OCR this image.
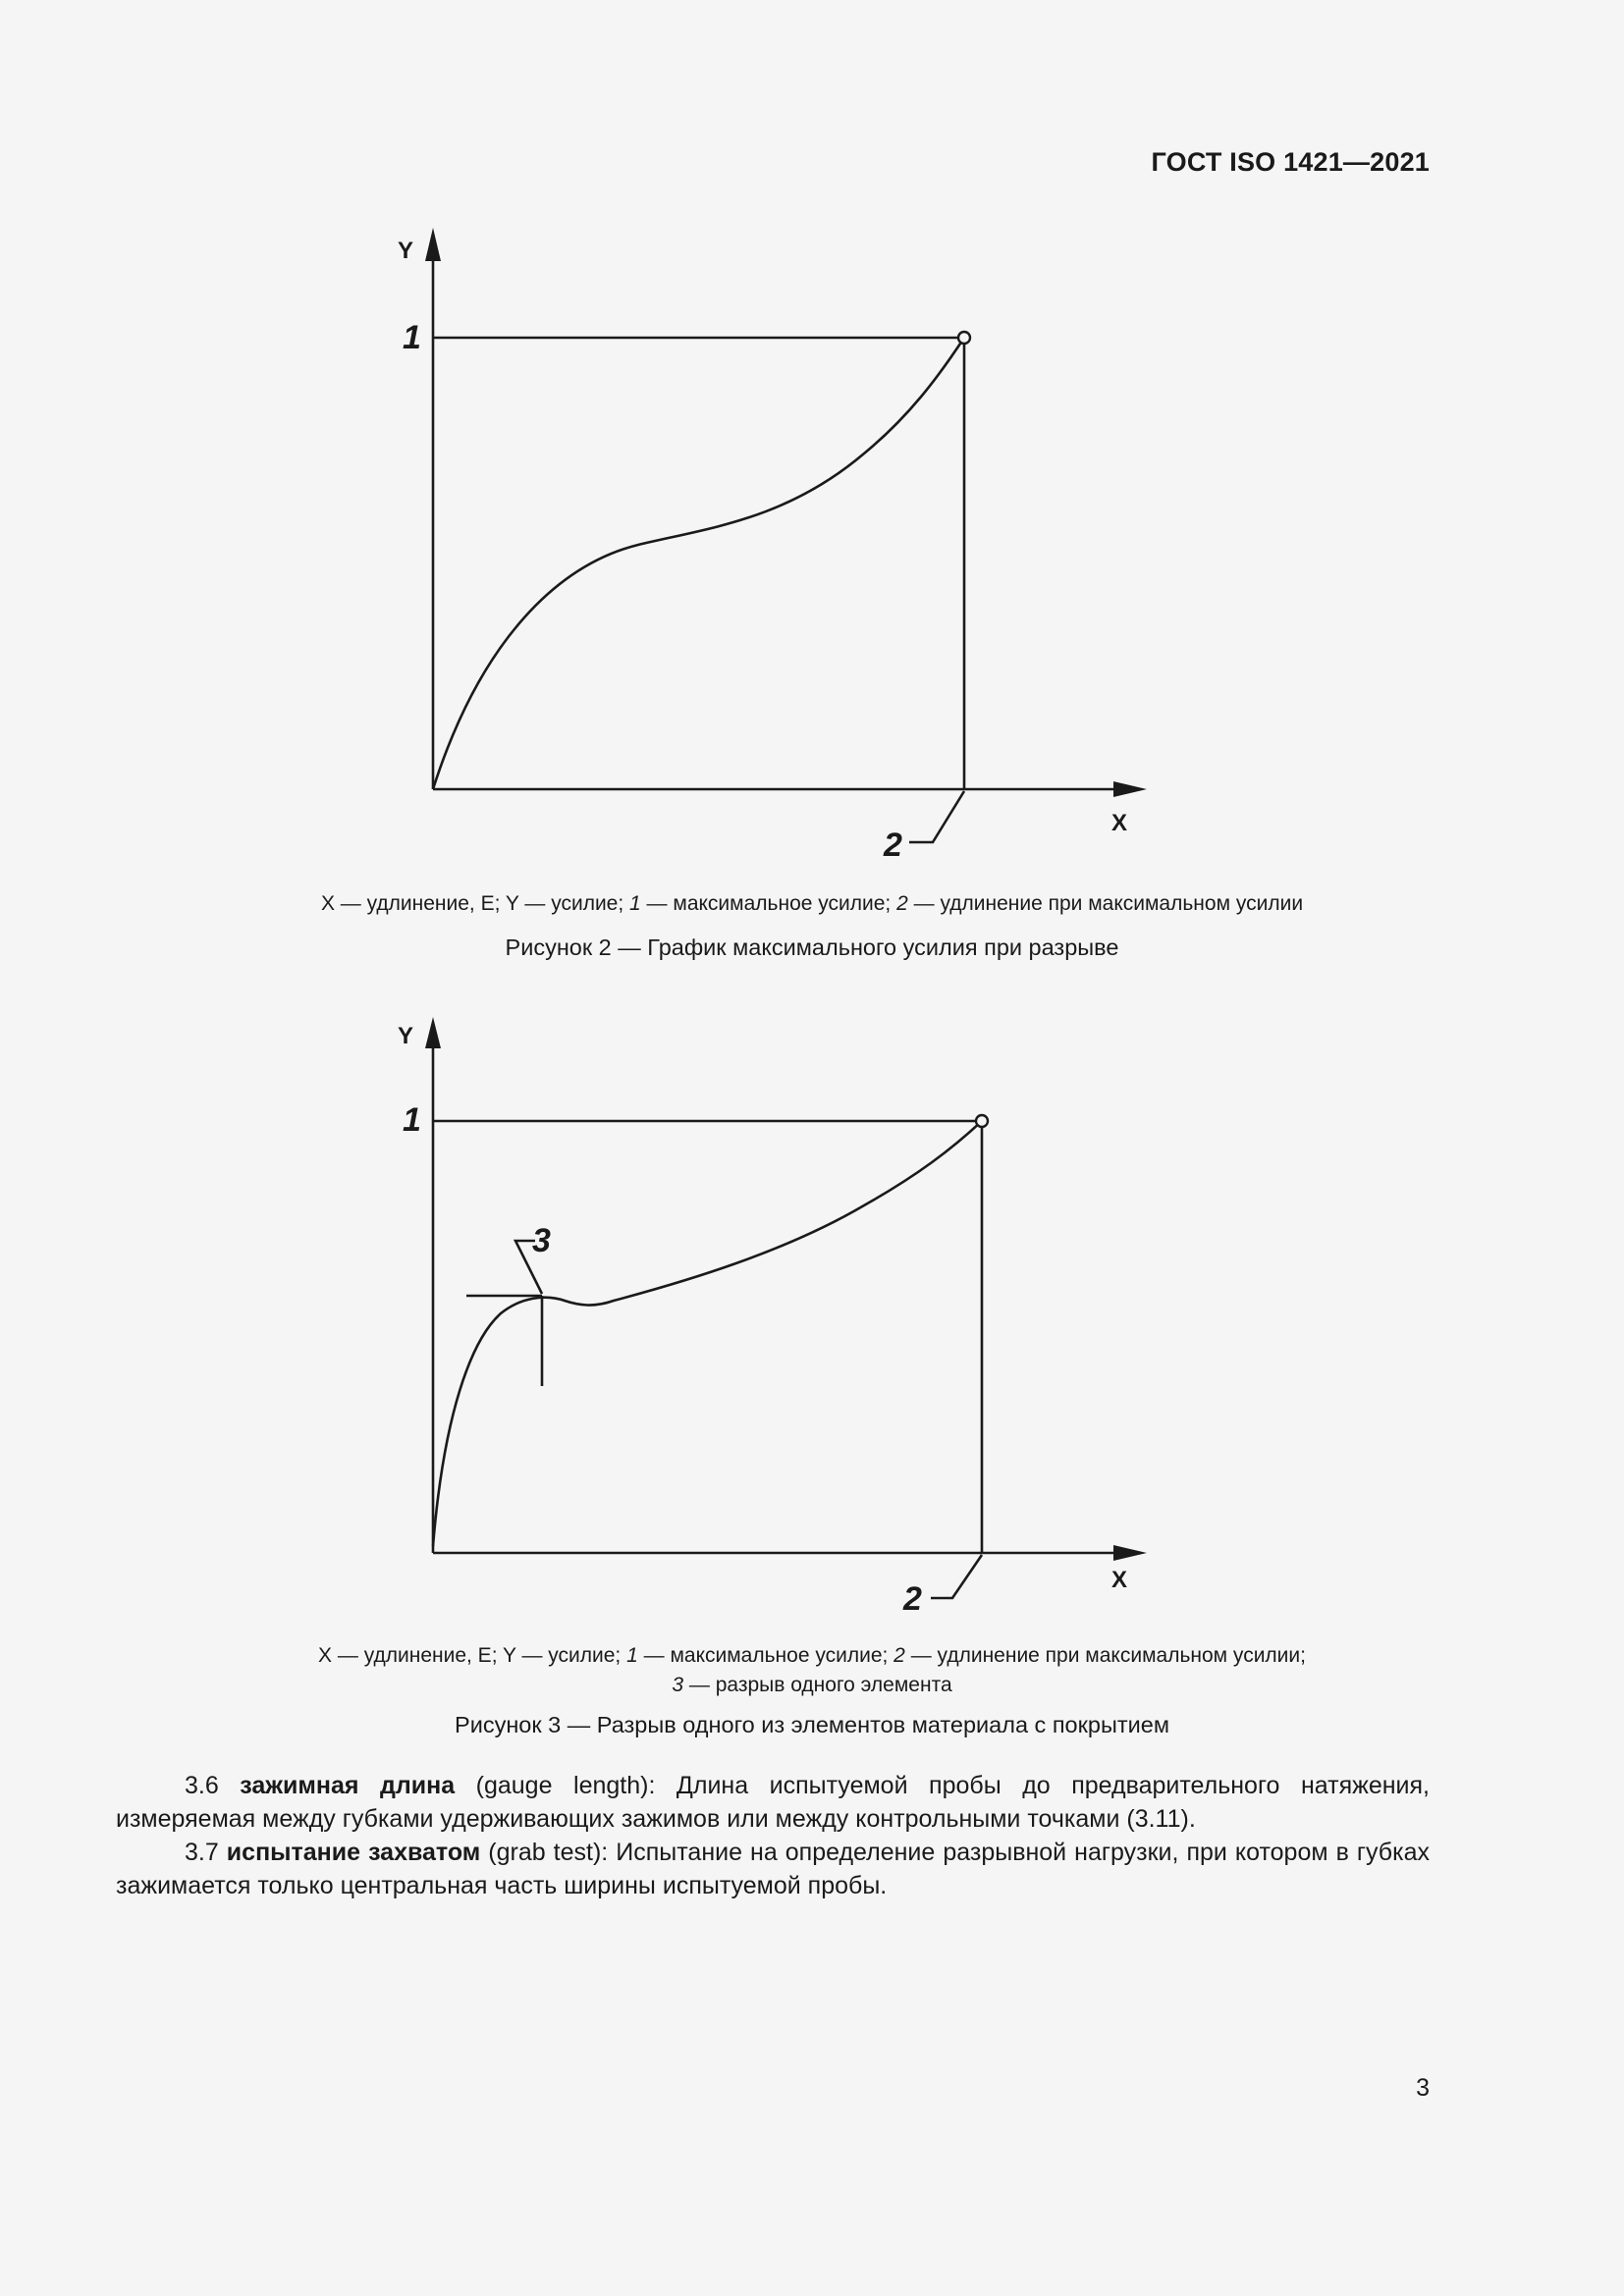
ГОСТ ISO 1421—2021
Y
X
1
2
X — удлинение, E; Y — усилие; 1 — максимальное усилие; 2 — удлинение при максимальном усилии
Рисунок 2 — График максимального усилия при разрыве
Y
X
1
2
3
X — удлинение, E; Y — усилие; 1 — максимальное усилие; 2 — удлинение при максимальном усилии;
3 — разрыв одного элемента
Рисунок 3 — Разрыв одного из элементов материала с покрытием

3.6 зажимная длина (gauge length): Длина испытуемой пробы до предварительного натяжения, измеряемая между губками удерживающих зажимов или между контрольными точками (3.11).

3.7 испытание захватом (grab test): Испытание на определение разрывной нагрузки, при котором в губках зажимается только центральная часть ширины испытуемой пробы.

3
